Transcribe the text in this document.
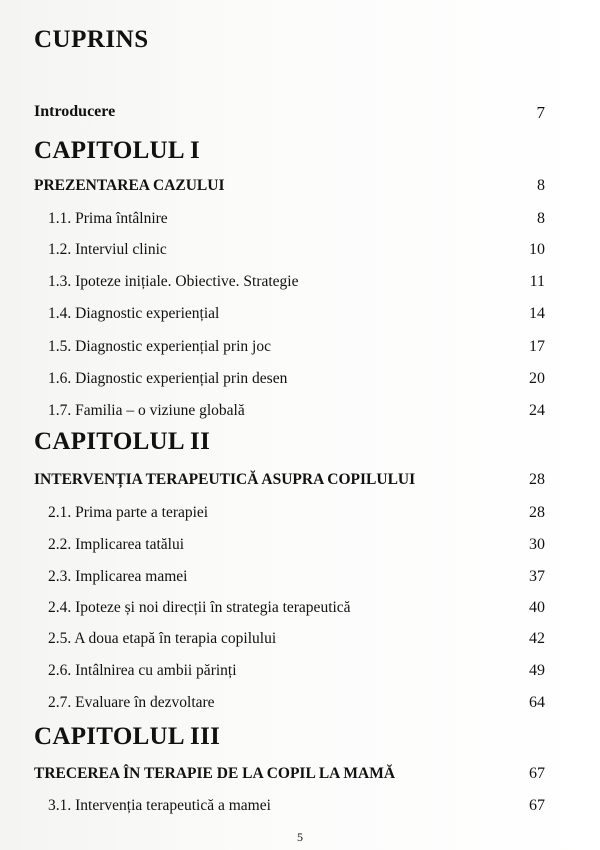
CUPRINS
Introducere	7
CAPITOLUL I
PREZENTAREA CAZULUI	8
1.1. Prima întâlnire	8
1.2. Interviul clinic	10
1.3. Ipoteze inițiale. Obiective. Strategie	11
1.4. Diagnostic experiențial	14
1.5. Diagnostic experiențial prin joc	17
1.6. Diagnostic experiențial prin desen	20
1.7. Familia – o viziune globală	24
CAPITOLUL II
INTERVENȚIA TERAPEUTICĂ ASUPRA COPILULUI	28
2.1. Prima parte a terapiei	28
2.2. Implicarea tatălui	30
2.3. Implicarea mamei	37
2.4. Ipoteze și noi direcții în strategia terapeutică	40
2.5. A doua etapă în terapia copilului	42
2.6. Intâlnirea cu ambii părinți	49
2.7. Evaluare în dezvoltare	64
CAPITOLUL III
TRECEREA ÎN TERAPIE DE LA COPIL LA MAMĂ	67
3.1. Intervenția terapeutică a mamei	67
5
